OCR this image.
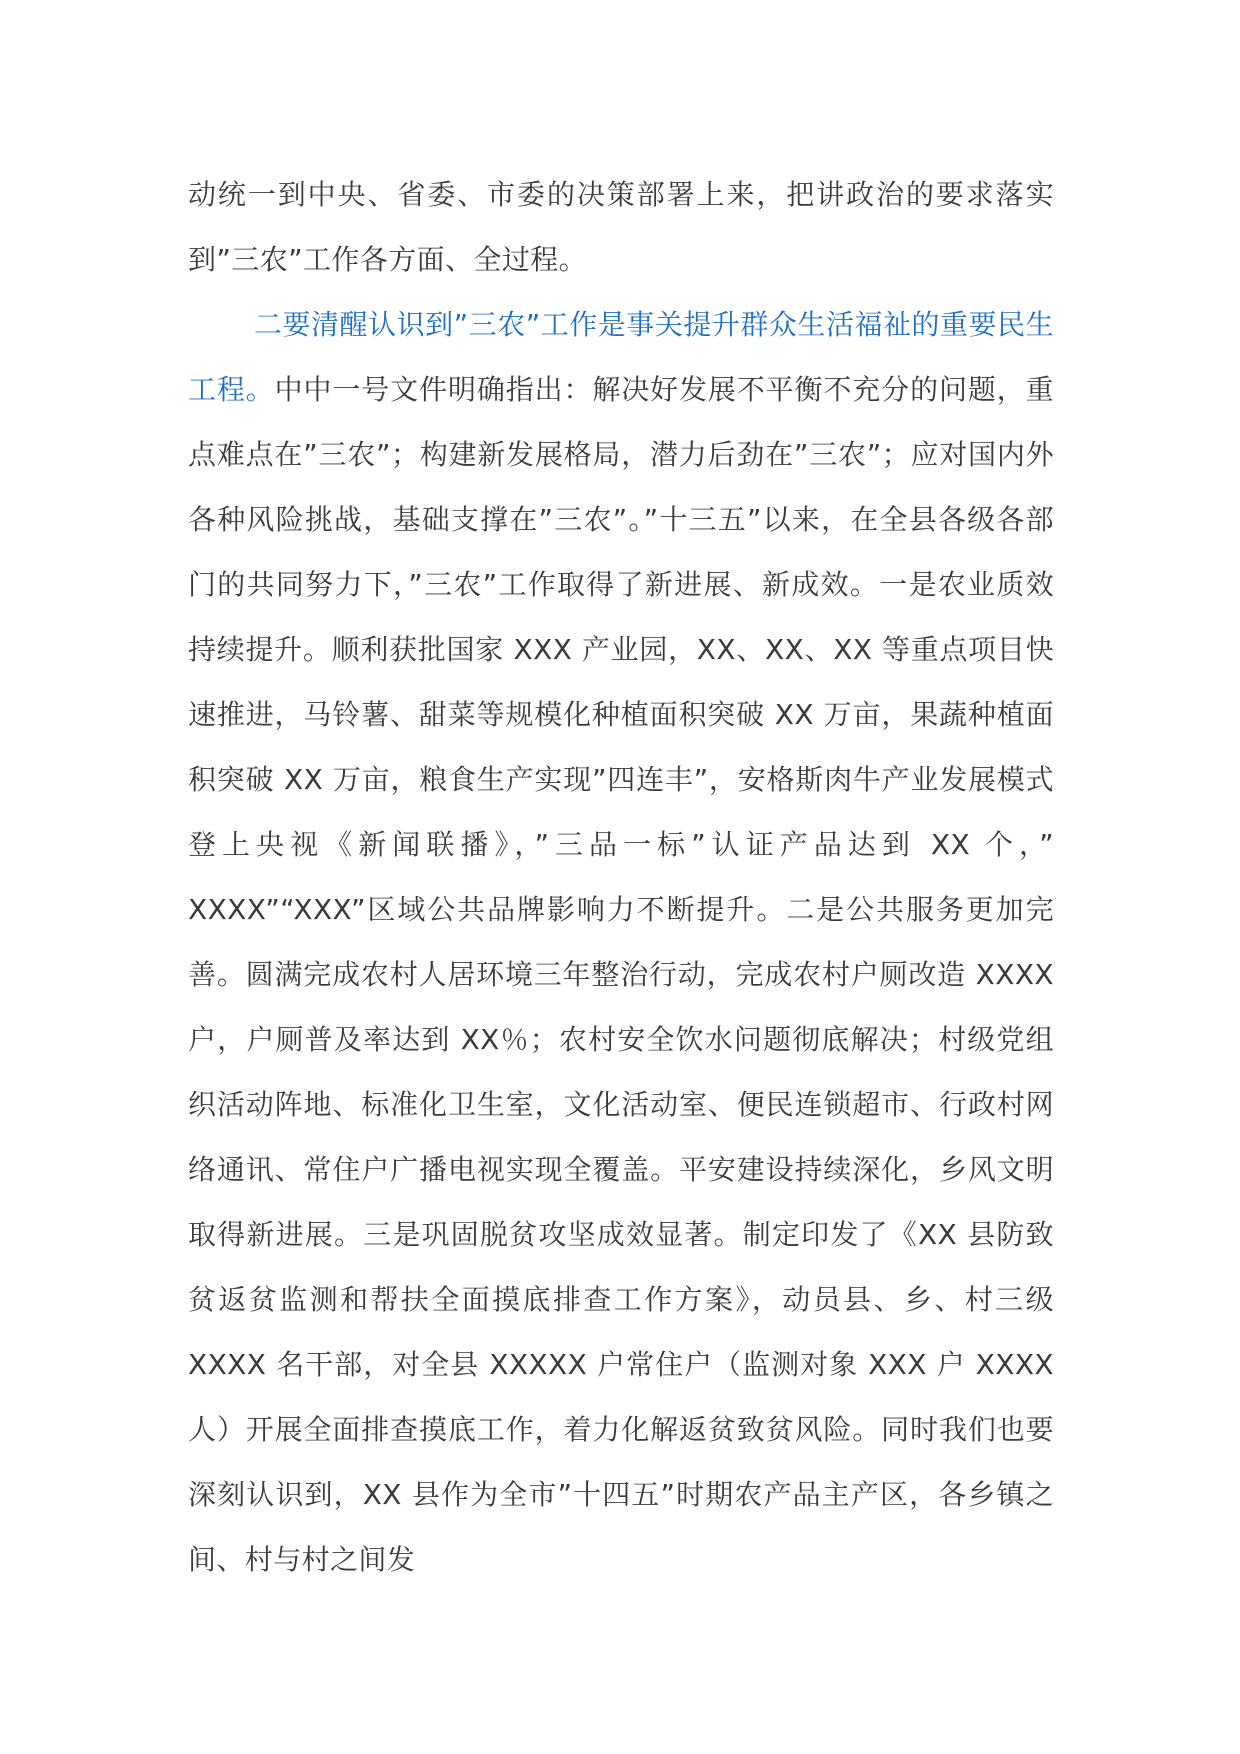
动统一到中央、省委、市委的决策部署上来，把讲政治的要求落实到”三农”工作各方面、全过程。

二要清醒认识到”三农”工作是事关提升群众生活福祉的重要民生工程。中中一号文件明确指出：解决好发展不平衡不充分的问题，重点难点在”三农”；构建新发展格局，潜力后劲在”三农”；应对国内外各种风险挑战，基础支撑在”三农”。”十三五”以来，在全县各级各部门的共同努力下，”三农”工作取得了新进展、新成效。一是农业质效持续提升。顺利获批国家 XXX 产业园，XX、XX、XX 等重点项目快速推进，马铃薯、甜菜等规模化种植面积突破 XX 万亩，果蔬种植面积突破 XX 万亩，粮食生产实现”四连丰”，安格斯肉牛产业发展模式登上央视《新闻联播》，”三品一标”认证产品达到 XX 个，” XXXX”“XXX”区域公共品牌影响力不断提升。二是公共服务更加完善。圆满完成农村人居环境三年整治行动，完成农村户厕改造 XXXX 户，户厕普及率达到 XX％；农村安全饮水问题彻底解决；村级党组织活动阵地、标准化卫生室，文化活动室、便民连锁超市、行政村网络通讯、常住户广播电视实现全覆盖。平安建设持续深化，乡风文明取得新进展。三是巩固脱贫攻坚成效显著。制定印发了《XX 县防致贫返贫监测和帮扶全面摸底排查工作方案》，动员县、乡、村三级 XXXX 名干部，对全县 XXXXX 户常住户（监测对象 XXX 户 XXXX 人）开展全面排查摸底工作，着力化解返贫致贫风险。同时我们也要深刻认识到，XX 县作为全市”十四五”时期农产品主产区，各乡镇之间、村与村之间发
